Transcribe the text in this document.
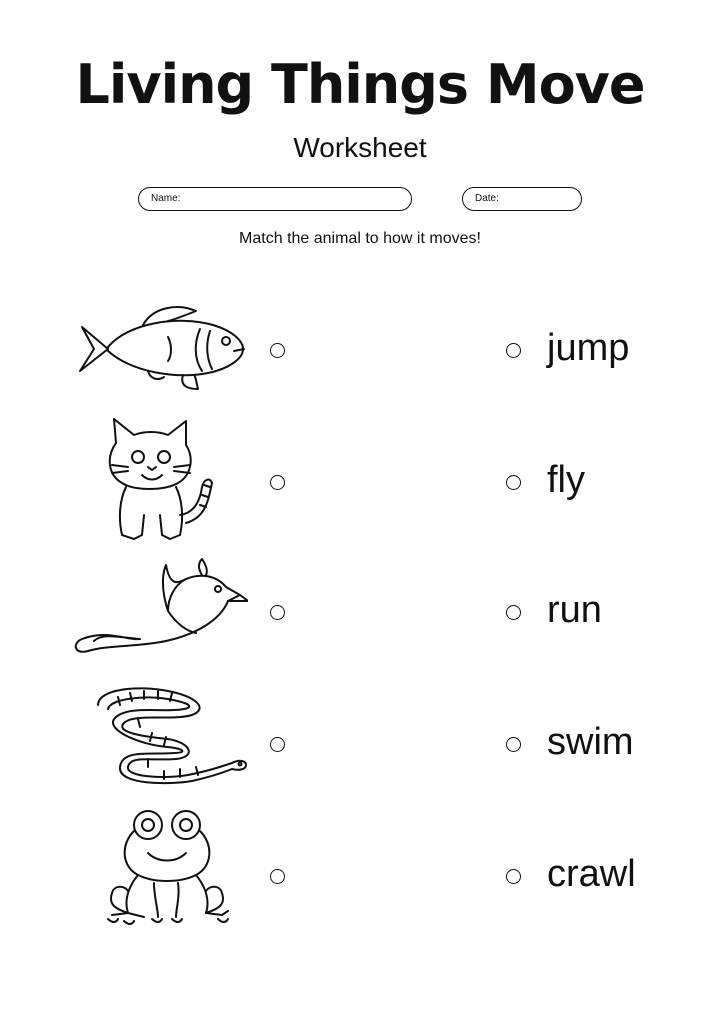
Living Things Move
Worksheet
Name:	Date:
Match the animal to how it moves!
jump
fly
run
swim
crawl
